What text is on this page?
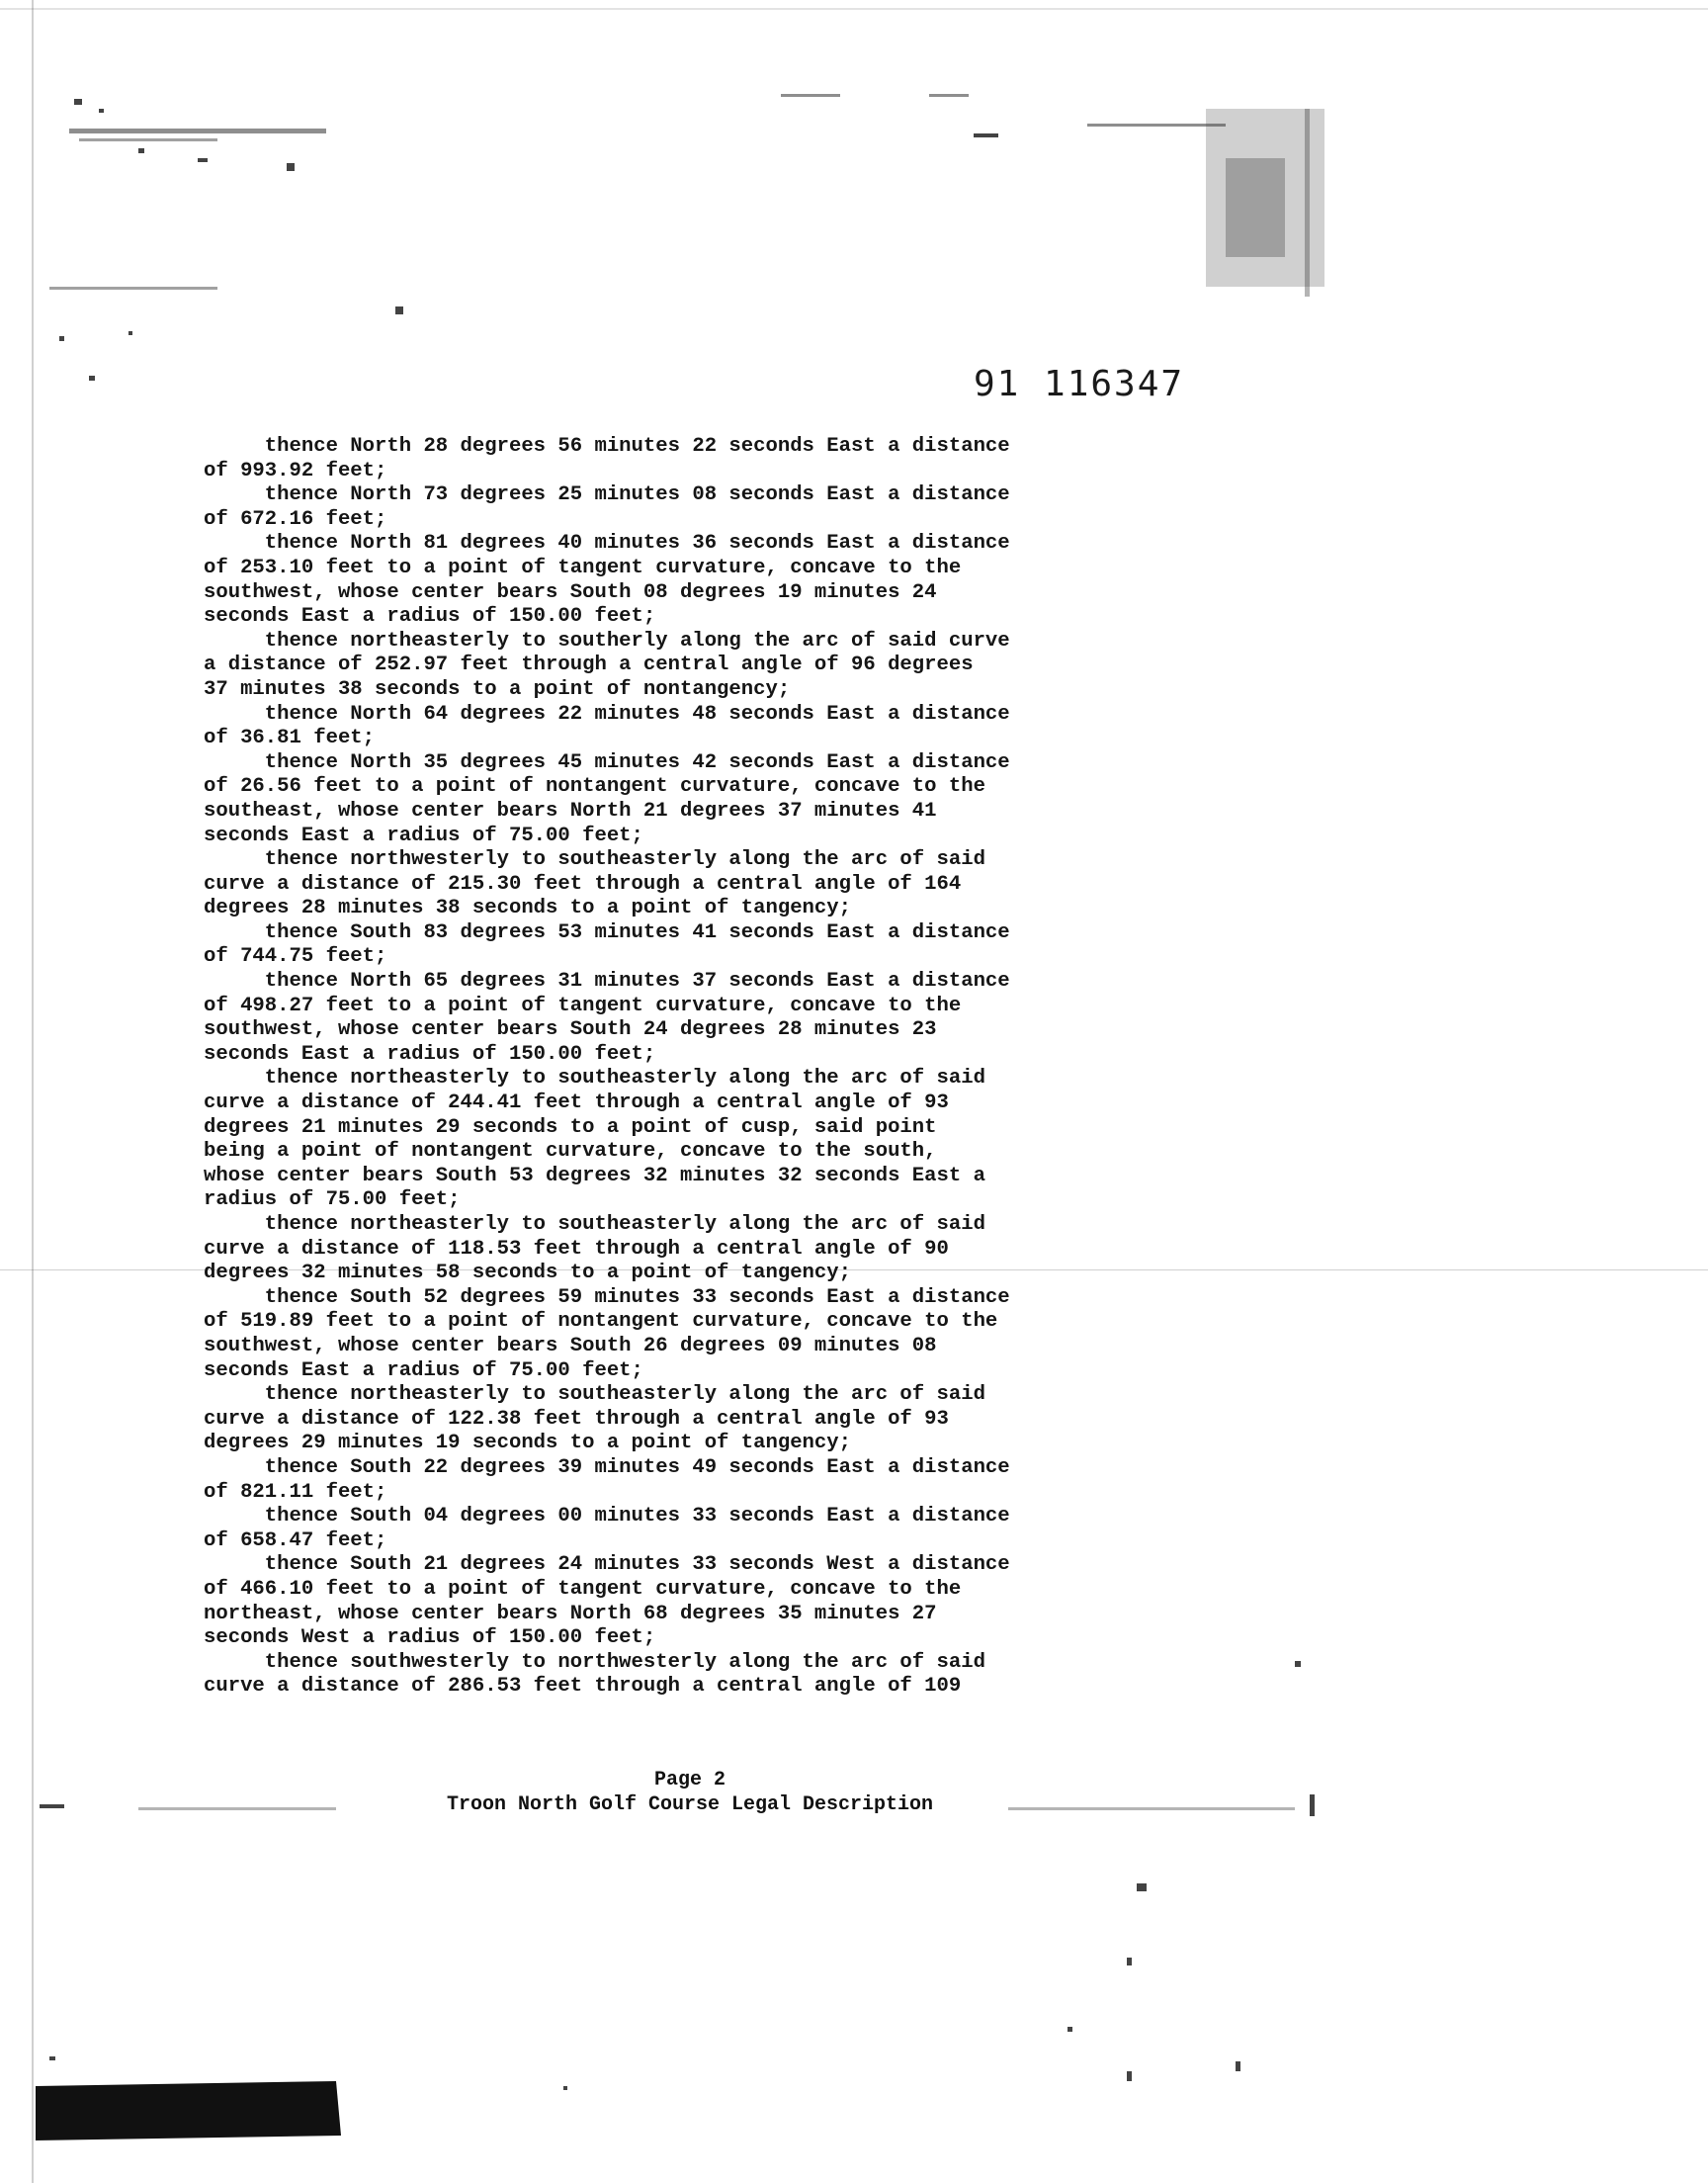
91 116347
thence North 28 degrees 56 minutes 22 seconds East a distance
of 993.92 feet;
thence North 73 degrees 25 minutes 08 seconds East a distance
of 672.16 feet;
thence North 81 degrees 40 minutes 36 seconds East a distance
of 253.10 feet to a point of tangent curvature, concave to the
southwest, whose center bears South 08 degrees 19 minutes 24
seconds East a radius of 150.00 feet;
thence northeasterly to southerly along the arc of said curve
a distance of 252.97 feet through a central angle of 96 degrees
37 minutes 38 seconds to a point of nontangency;
thence North 64 degrees 22 minutes 48 seconds East a distance
of 36.81 feet;
thence North 35 degrees 45 minutes 42 seconds East a distance
of 26.56 feet to a point of nontangent curvature, concave to the
southeast, whose center bears North 21 degrees 37 minutes 41
seconds East a radius of 75.00 feet;
thence northwesterly to southeasterly along the arc of said
curve a distance of 215.30 feet through a central angle of 164
degrees 28 minutes 38 seconds to a point of tangency;
thence South 83 degrees 53 minutes 41 seconds East a distance
of 744.75 feet;
thence North 65 degrees 31 minutes 37 seconds East a distance
of 498.27 feet to a point of tangent curvature, concave to the
southwest, whose center bears South 24 degrees 28 minutes 23
seconds East a radius of 150.00 feet;
thence northeasterly to southeasterly along the arc of said
curve a distance of 244.41 feet through a central angle of 93
degrees 21 minutes 29 seconds to a point of cusp, said point
being a point of nontangent curvature, concave to the south,
whose center bears South 53 degrees 32 minutes 32 seconds East a
radius of 75.00 feet;
thence northeasterly to southeasterly along the arc of said
curve a distance of 118.53 feet through a central angle of 90
degrees 32 minutes 58 seconds to a point of tangency;
thence South 52 degrees 59 minutes 33 seconds East a distance
of 519.89 feet to a point of nontangent curvature, concave to the
southwest, whose center bears South 26 degrees 09 minutes 08
seconds East a radius of 75.00 feet;
thence northeasterly to southeasterly along the arc of said
curve a distance of 122.38 feet through a central angle of 93
degrees 29 minutes 19 seconds to a point of tangency;
thence South 22 degrees 39 minutes 49 seconds East a distance
of 821.11 feet;
thence South 04 degrees 00 minutes 33 seconds East a distance
of 658.47 feet;
thence South 21 degrees 24 minutes 33 seconds West a distance
of 466.10 feet to a point of tangent curvature, concave to the
northeast, whose center bears North 68 degrees 35 minutes 27
seconds West a radius of 150.00 feet;
thence southwesterly to northwesterly along the arc of said
curve a distance of 286.53 feet through a central angle of 109
Page 2
Troon North Golf Course Legal Description
